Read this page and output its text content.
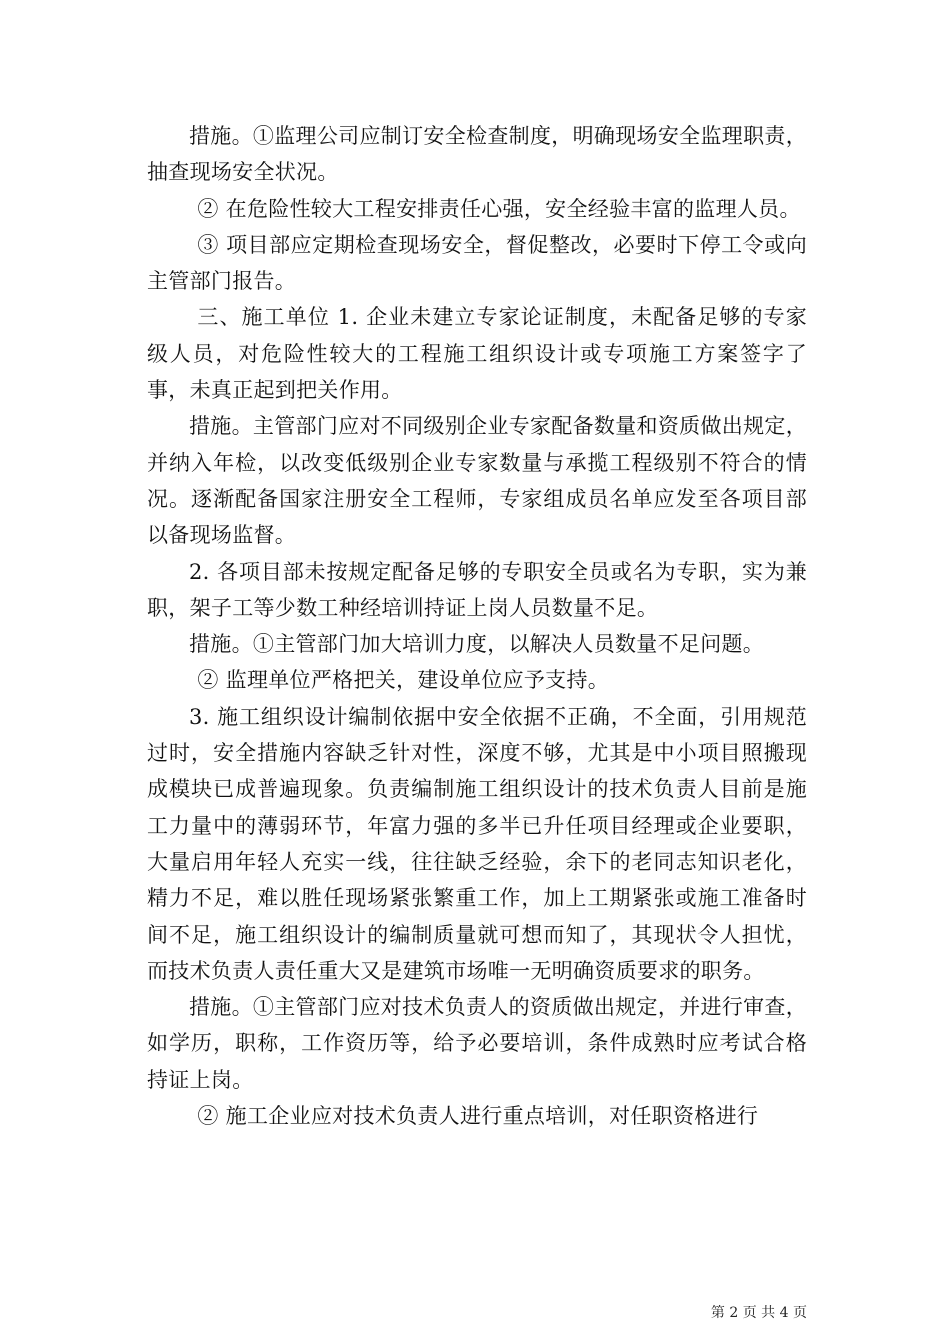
措施。①监理公司应制订安全检查制度，明确现场安全监理职责，抽查现场安全状况。

② 在危险性较大工程安排责任心强，安全经验丰富的监理人员。

③ 项目部应定期检查现场安全，督促整改，必要时下停工令或向主管部门报告。

三、施工单位 1. 企业未建立专家论证制度，未配备足够的专家级人员，对危险性较大的工程施工组织设计或专项施工方案签字了事，未真正起到把关作用。

措施。主管部门应对不同级别企业专家配备数量和资质做出规定，并纳入年检，以改变低级别企业专家数量与承揽工程级别不符合的情况。逐渐配备国家注册安全工程师，专家组成员名单应发至各项目部以备现场监督。

2. 各项目部未按规定配备足够的专职安全员或名为专职，实为兼职，架子工等少数工种经培训持证上岗人员数量不足。

措施。①主管部门加大培训力度，以解决人员数量不足问题。

② 监理单位严格把关，建设单位应予支持。

3. 施工组织设计编制依据中安全依据不正确，不全面，引用规范过时，安全措施内容缺乏针对性，深度不够，尤其是中小项目照搬现成模块已成普遍现象。负责编制施工组织设计的技术负责人目前是施工力量中的薄弱环节，年富力强的多半已升任项目经理或企业要职，大量启用年轻人充实一线，往往缺乏经验，余下的老同志知识老化，精力不足，难以胜任现场紧张繁重工作，加上工期紧张或施工准备时间不足，施工组织设计的编制质量就可想而知了，其现状令人担忧，而技术负责人责任重大又是建筑市场唯一无明确资质要求的职务。

措施。①主管部门应对技术负责人的资质做出规定，并进行审查，如学历，职称，工作资历等，给予必要培训，条件成熟时应考试合格持证上岗。

② 施工企业应对技术负责人进行重点培训，对任职资格进行

第 2 页 共 4 页
